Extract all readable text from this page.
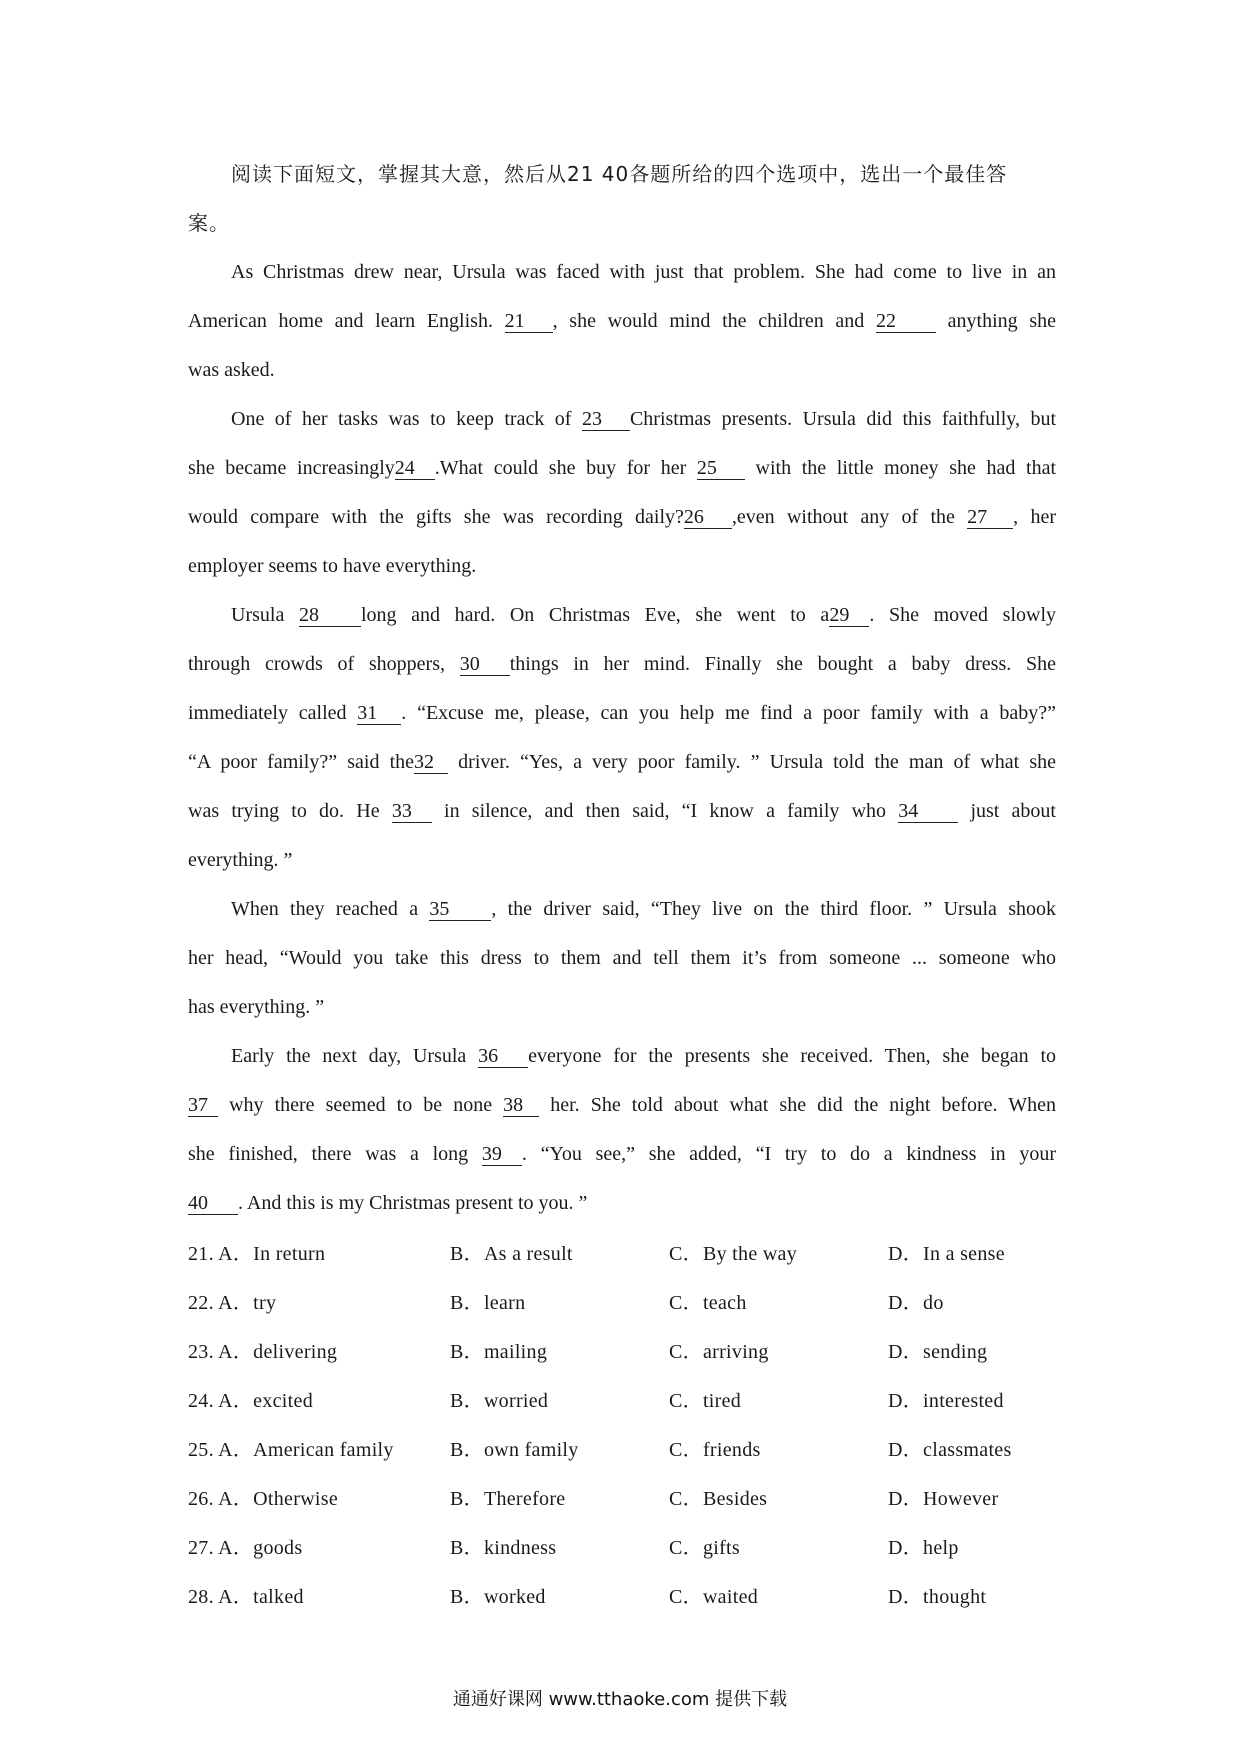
阅读下面短文，掌握其大意，然后从21 40各题所给的四个选项中，选出一个最佳答
案。
As Christmas drew near, Ursula was faced with just that problem. She had come to live in an
American home and learn English. 21 , she would mind the children and 22 anything she
was asked.
One of her tasks was to keep track of 23 Christmas presents. Ursula did this faithfully, but
she became increasingly24 .What could she buy for her 25 with the little money she had that
would compare with the gifts she was recording daily?26 ,even without any of the 27 , her
employer seems to have everything.
Ursula 28 long and hard. On Christmas Eve, she went to a29 . She moved slowly
through crowds of shoppers, 30 things in her mind. Finally she bought a baby dress. She
immediately called 31 . “Excuse me, please, can you help me find a poor family with a baby?”
“A poor family?” said the32 driver. “Yes, a very poor family. ” Ursula told the man of what she
was trying to do. He 33 in silence, and then said, “I know a family who 34 just about
everything. ”
When they reached a 35 , the driver said, “They live on the third floor. ” Ursula shook
her head, “Would you take this dress to them and tell them it’s from someone ... someone who
has everything. ”
Early the next day, Ursula 36 everyone for the presents she received. Then, she began to
37 why there seemed to be none 38 her. She told about what she did the night before. When
she finished, there was a long 39 . “You see,” she added, “I try to do a kindness in your
40 . And this is my Christmas present to you. ”
21. A．In return	B．As a result	C．By the way	D．In a sense
22. A．try	B．learn	C．teach	D．do
23. A．delivering	B．mailing	C．arriving	D．sending
24. A．excited	B．worried	C．tired	D．interested
25. A．American family	B．own family	C．friends	D．classmates
26. A．Otherwise	B．Therefore	C．Besides	D．However
27. A．goods	B．kindness	C．gifts	D．help
28. A．talked	B．worked	C．waited	D．thought
通通好课网 www.tthaoke.com 提供下载
